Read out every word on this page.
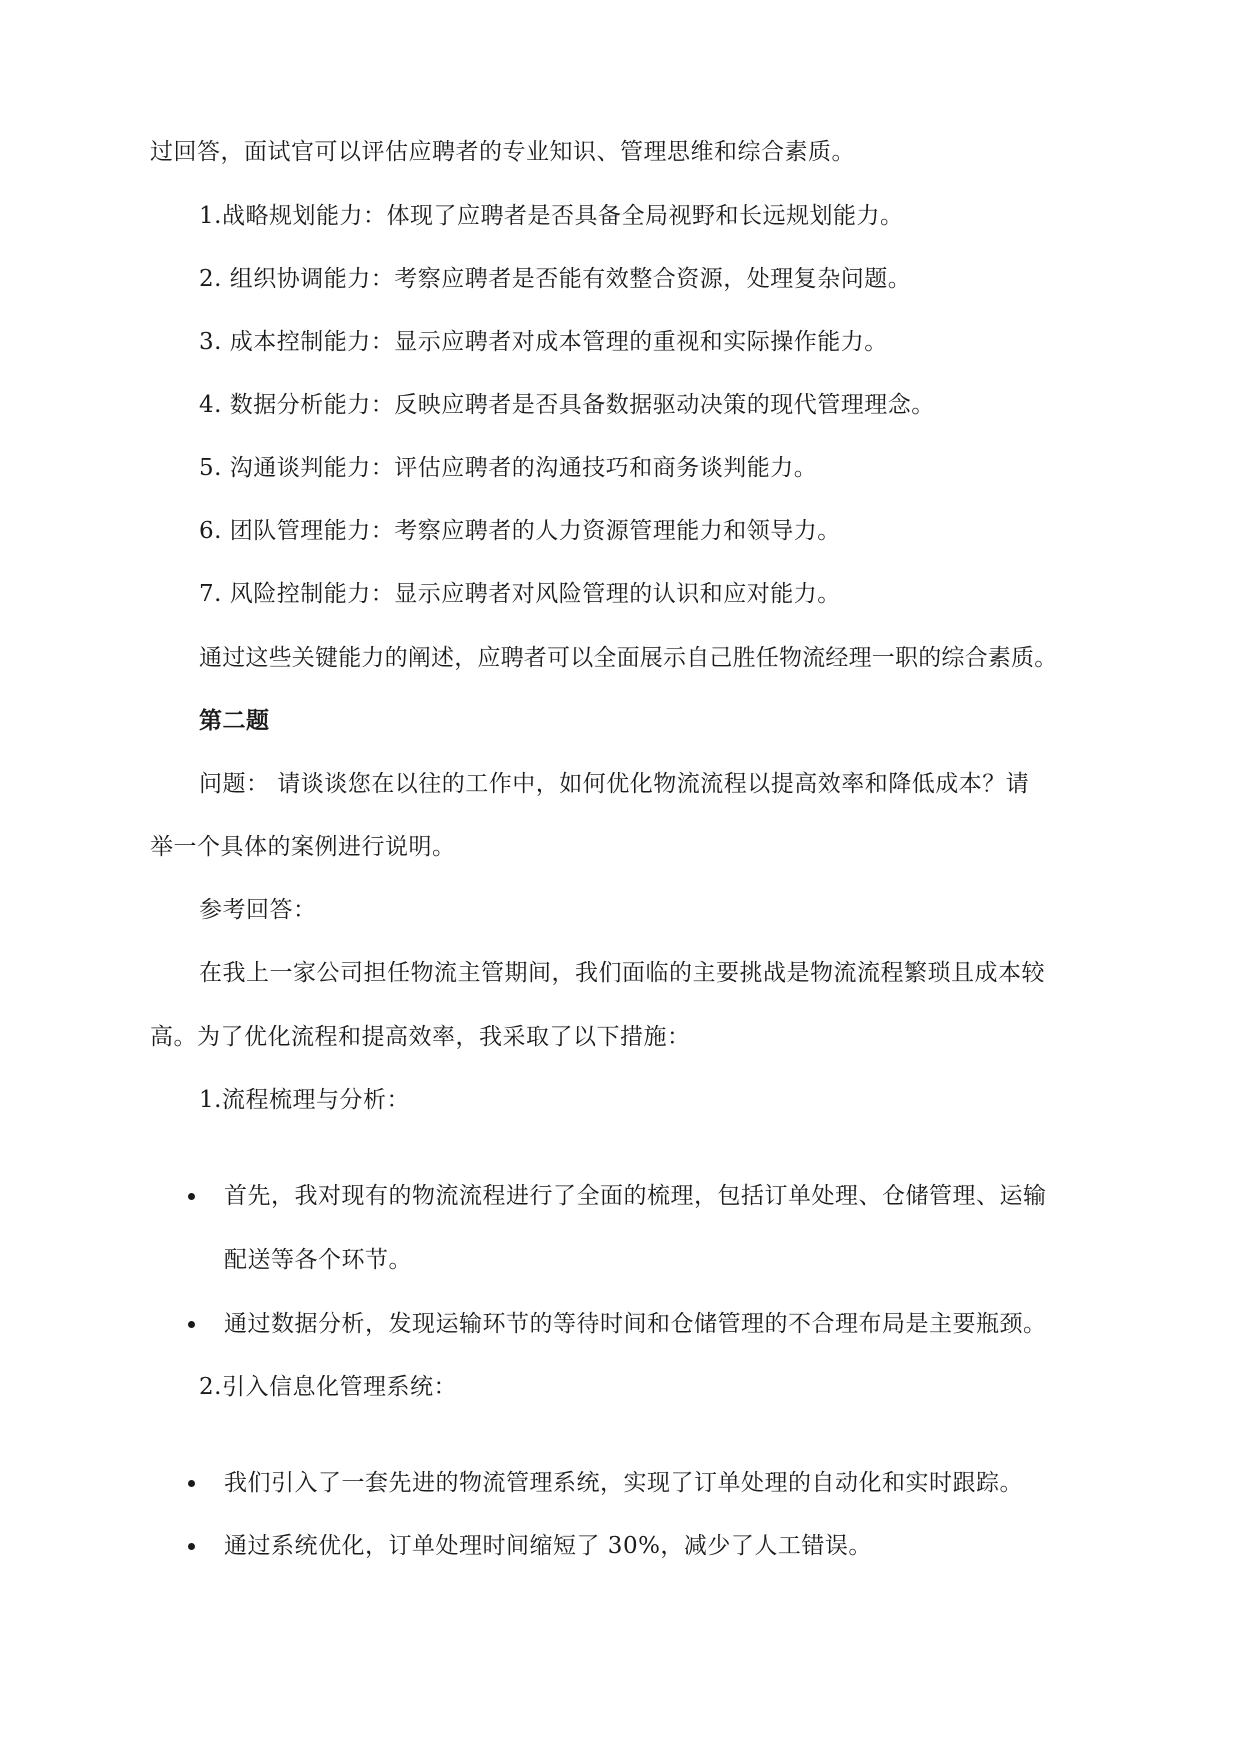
过回答，面试官可以评估应聘者的专业知识、管理思维和综合素质。
1.战略规划能力：体现了应聘者是否具备全局视野和长远规划能力。
2. 组织协调能力：考察应聘者是否能有效整合资源，处理复杂问题。
3. 成本控制能力：显示应聘者对成本管理的重视和实际操作能力。
4. 数据分析能力：反映应聘者是否具备数据驱动决策的现代管理理念。
5. 沟通谈判能力：评估应聘者的沟通技巧和商务谈判能力。
6. 团队管理能力：考察应聘者的人力资源管理能力和领导力。
7. 风险控制能力：显示应聘者对风险管理的认识和应对能力。
通过这些关键能力的阐述，应聘者可以全面展示自己胜任物流经理一职的综合素质。
第二题
问题： 请谈谈您在以往的工作中，如何优化物流流程以提高效率和降低成本？请
举一个具体的案例进行说明。
参考回答：
在我上一家公司担任物流主管期间，我们面临的主要挑战是物流流程繁琐且成本较
高。为了优化流程和提高效率，我采取了以下措施：
1.流程梳理与分析：
首先，我对现有的物流流程进行了全面的梳理，包括订单处理、仓储管理、运输
配送等各个环节。
通过数据分析，发现运输环节的等待时间和仓储管理的不合理布局是主要瓶颈。
2.引入信息化管理系统：
我们引入了一套先进的物流管理系统，实现了订单处理的自动化和实时跟踪。
通过系统优化，订单处理时间缩短了 30%，减少了人工错误。
